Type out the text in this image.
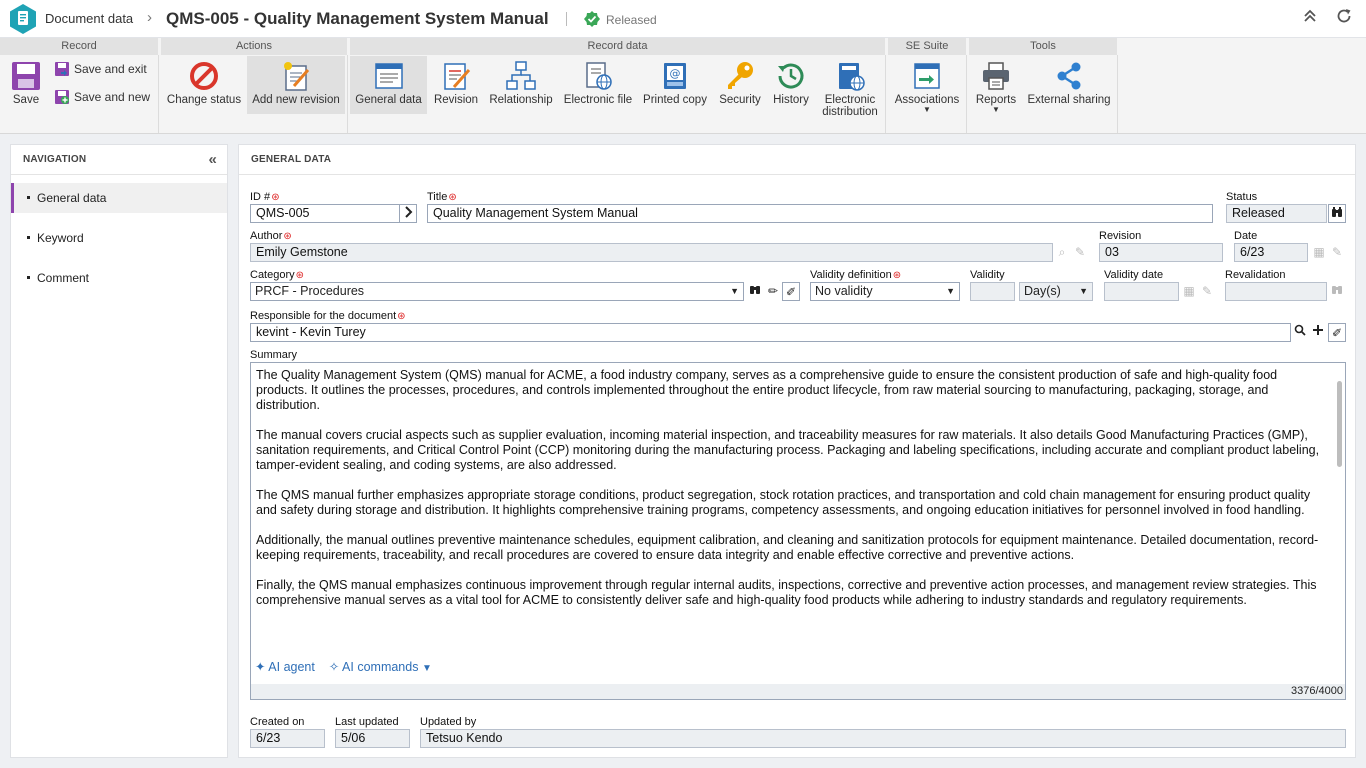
Document data › QMS-005 - Quality Management System Manual	Released
Record	Actions	Record data	SE Suite	Tools
Save
Save and exit
Save and new Change status Add new revision	General data	Revision Relationship Electronic file
@
Printed copy	Security	History	Electronic
distribution
Associations
▼
Reports
▼
External sharing
NAVIGATION	«
General data
Keyword
Comment
GENERAL DATA
ID #⊛
QMS-005
Title⊛
Quality Management System Manual
Status
Released
Author⊛
Emily Gemstone	⌕ ✎
Revision
03
Date
6/23	▦ ✎
Category⊛
PRCF - Procedures	▼	✏ ✐
Validity definition⊛
No validity	▼
Validity
Day(s) ▼
Validity date
▦ ✎
Revalidation
Responsible for the document⊛
kevint - Kevin Turey	✐
Summary

The Quality Management System (QMS) manual for ACME, a food industry company, serves as a comprehensive guide to ensure the consistent production of safe and high-quality food products. It outlines the processes, procedures, and controls implemented throughout the entire product lifecycle, from raw material sourcing to manufacturing, packaging, storage, and distribution.

The manual covers crucial aspects such as supplier evaluation, incoming material inspection, and traceability measures for raw materials. It also details Good Manufacturing Practices (GMP), sanitation requirements, and Critical Control Point (CCP) monitoring during the manufacturing process. Packaging and labeling specifications, including accurate and compliant product labeling, tamper-evident sealing, and coding systems, are also addressed.

The QMS manual further emphasizes appropriate storage conditions, product segregation, stock rotation practices, and transportation and cold chain management for ensuring product quality and safety during storage and distribution. It highlights comprehensive training programs, competency assessments, and ongoing education initiatives for personnel involved in food handling.

Additionally, the manual outlines preventive maintenance schedules, equipment calibration, and cleaning and sanitization protocols for equipment maintenance. Detailed documentation, record-keeping requirements, traceability, and recall procedures are covered to ensure data integrity and enable effective corrective and preventive actions.

Finally, the QMS manual emphasizes continuous improvement through regular internal audits, inspections, corrective and preventive action processes, and management review strategies. This comprehensive manual serves as a vital tool for ACME to consistently deliver safe and high-quality food products while adhering to industry standards and regulatory requirements.

✦ AI agent ✧ AI commands ▼
3376/4000
Created on
6/23
Last updated
5/06
Updated by
Tetsuo Kendo
